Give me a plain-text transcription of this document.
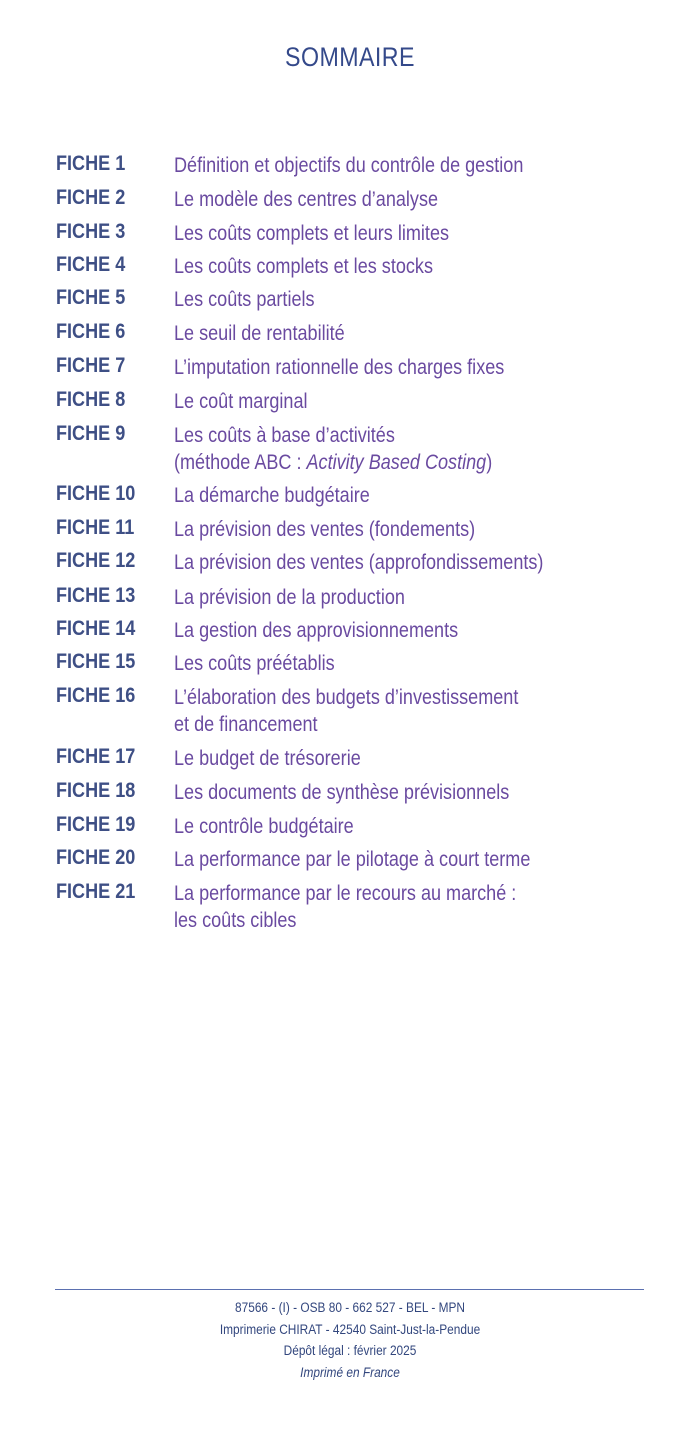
SOMMAIRE
FICHE 1	Définition et objectifs du contrôle de gestion
FICHE 2	Le modèle des centres d’analyse
FICHE 3	Les coûts complets et leurs limites
FICHE 4	Les coûts complets et les stocks
FICHE 5	Les coûts partiels
FICHE 6	Le seuil de rentabilité
FICHE 7	L’imputation rationnelle des charges fixes
FICHE 8	Le coût marginal
FICHE 9	Les coûts à base d’activités
(méthode ABC : Activity Based Costing)
FICHE 10	La démarche budgétaire
FICHE 11	La prévision des ventes (fondements)
FICHE 12	La prévision des ventes (approfondissements)
FICHE 13	La prévision de la production
FICHE 14	La gestion des approvisionnements
FICHE 15	Les coûts préétablis
FICHE 16	L’élaboration des budgets d’investissement
et de financement
FICHE 17	Le budget de trésorerie
FICHE 18	Les documents de synthèse prévisionnels
FICHE 19	Le contrôle budgétaire
FICHE 20	La performance par le pilotage à court terme
FICHE 21	La performance par le recours au marché :
les coûts cibles
87566 - (I) - OSB 80 - 662 527 - BEL - MPN
Imprimerie CHIRAT - 42540 Saint-Just-la-Pendue
Dépôt légal : février 2025
Imprimé en France
